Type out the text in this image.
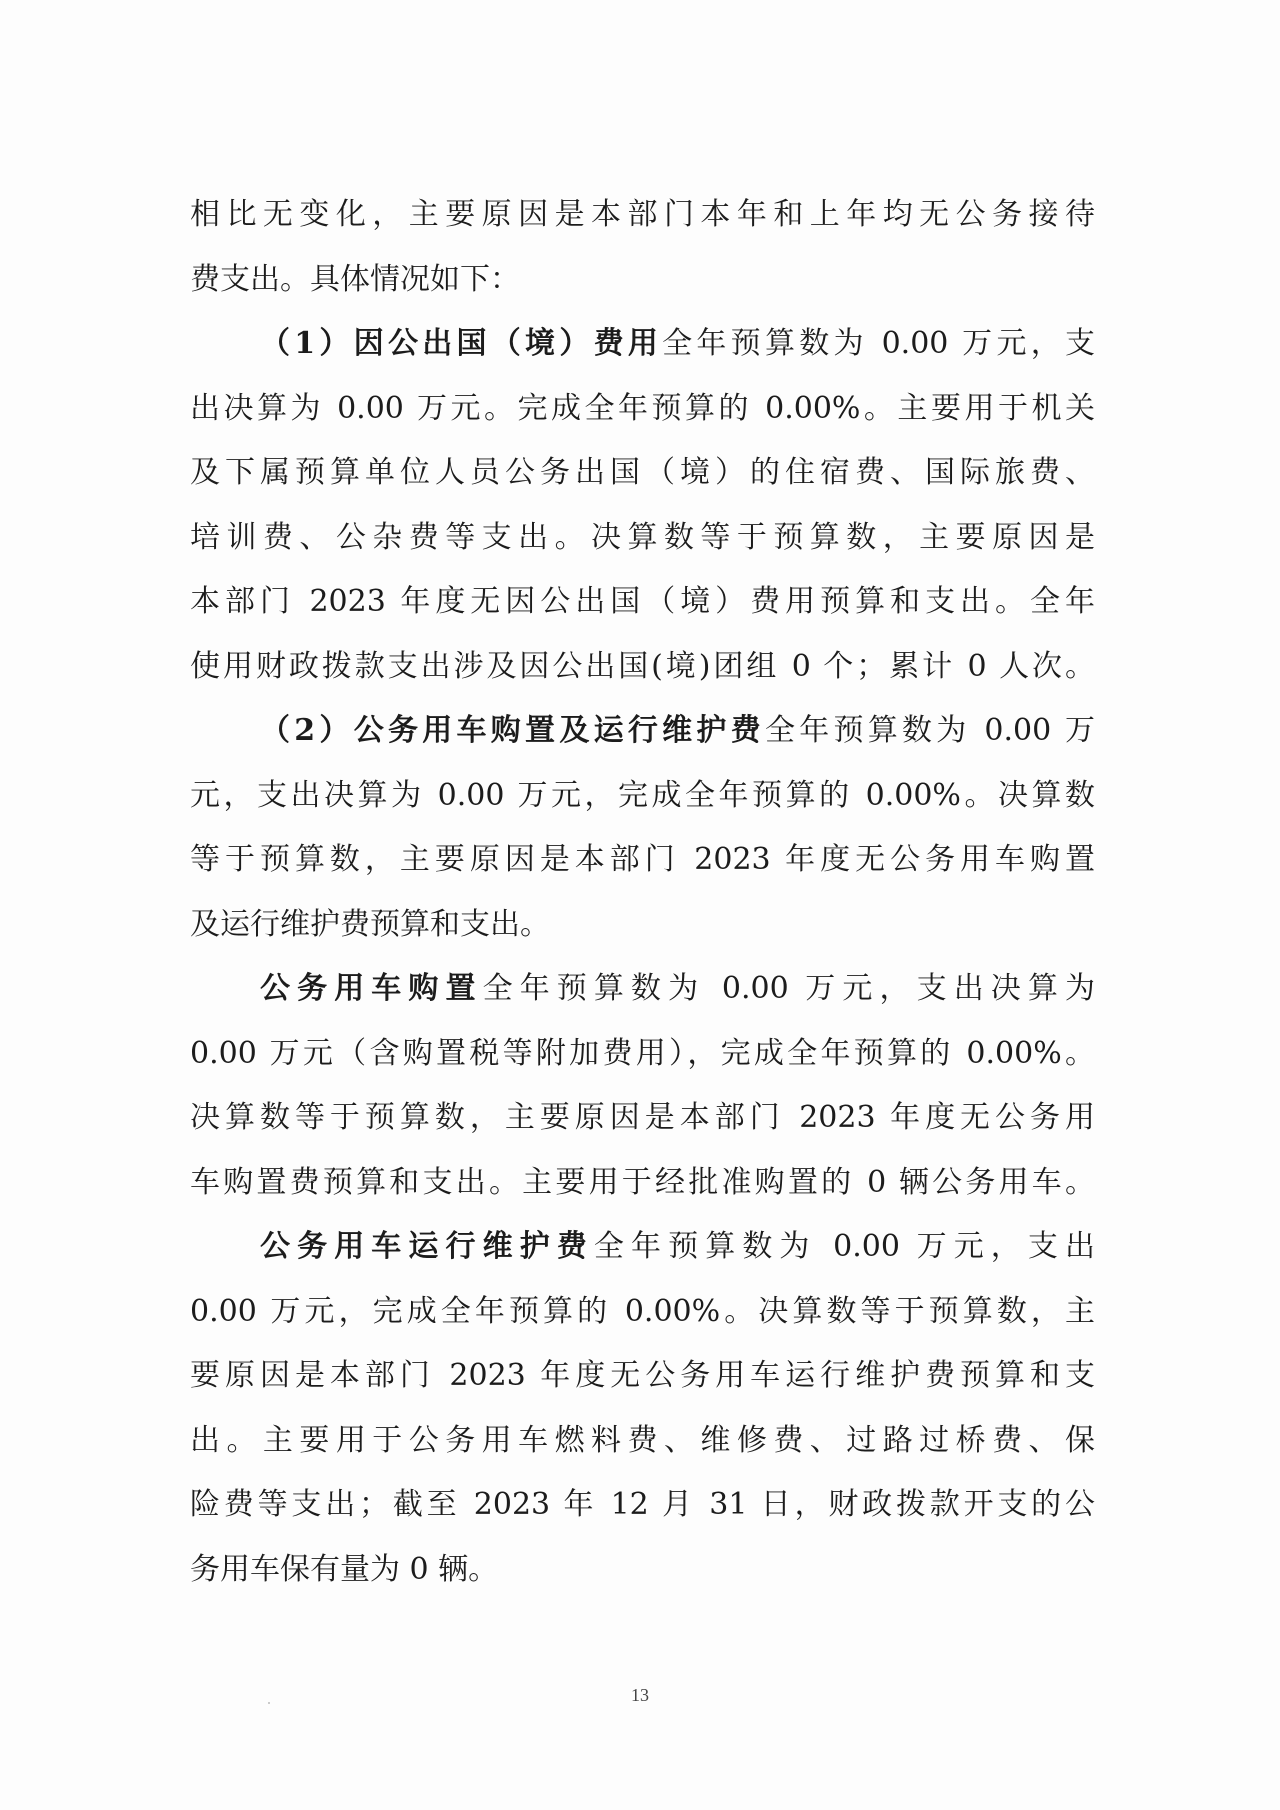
相比无变化，主要原因是本部门本年和上年均无公务接待
费支出。具体情况如下：
（1）因公出国（境）费用全年预算数为 0.00 万元，支
出决算为 0.00 万元。完成全年预算的 0.00%。主要用于机关
及下属预算单位人员公务出国（境）的住宿费、国际旅费、
培训费、公杂费等支出。决算数等于预算数，主要原因是
本部门 2023 年度无因公出国（境）费用预算和支出。全年
使用财政拨款支出涉及因公出国(境)团组 0 个；累计 0 人次。
（2）公务用车购置及运行维护费全年预算数为 0.00 万
元，支出决算为 0.00 万元，完成全年预算的 0.00%。决算数
等于预算数，主要原因是本部门 2023 年度无公务用车购置
及运行维护费预算和支出。
公务用车购置全年预算数为 0.00 万元，支出决算为
0.00 万元（含购置税等附加费用），完成全年预算的 0.00%。
决算数等于预算数，主要原因是本部门 2023 年度无公务用
车购置费预算和支出。主要用于经批准购置的 0 辆公务用车。
公务用车运行维护费全年预算数为 0.00 万元，支出
0.00 万元，完成全年预算的 0.00%。决算数等于预算数，主
要原因是本部门 2023 年度无公务用车运行维护费预算和支
出。主要用于公务用车燃料费、维修费、过路过桥费、保
险费等支出；截至 2023 年 12 月 31 日，财政拨款开支的公
务用车保有量为 0 辆。
13
